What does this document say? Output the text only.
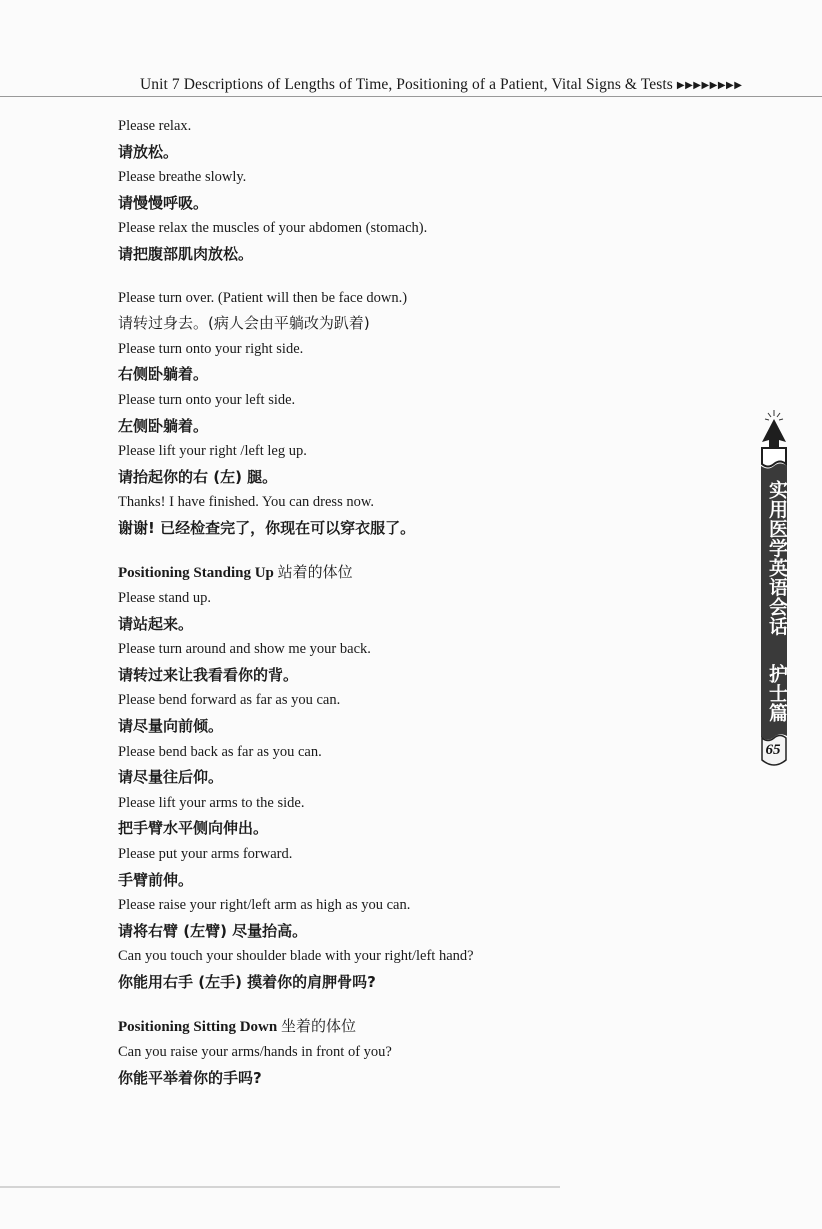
Unit 7 Descriptions of Lengths of Time, Positioning of a Patient, Vital Signs & Tests ▶▶▶▶▶▶▶▶
Please relax.
请放松。
Please breathe slowly.
请慢慢呼吸。
Please relax the muscles of your abdomen (stomach).
请把腹部肌肉放松。
Please turn over. (Patient will then be face down.)
请转过身去。(病人会由平躺改为趴着)
Please turn onto your right side.
右侧卧躺着。
Please turn onto your left side.
左侧卧躺着。
Please lift your right /left leg up.
请抬起你的右 (左) 腿。
Thanks! I have finished. You can dress now.
谢谢! 已经检查完了，你现在可以穿衣服了。
Positioning Standing Up 站着的体位
Please stand up.
请站起来。
Please turn around and show me your back.
请转过来让我看看你的背。
Please bend forward as far as you can.
请尽量向前倾。
Please bend back as far as you can.
请尽量往后仰。
Please lift your arms to the side.
把手臂水平侧向伸出。
Please put your arms forward.
手臂前伸。
Please raise your right/left arm as high as you can.
请将右臂 (左臂) 尽量抬高。
Can you touch your shoulder blade with your right/left hand?
你能用右手 (左手) 摸着你的肩胛骨吗?
Positioning Sitting Down 坐着的体位
Can you raise your arms/hands in front of you?
你能平举着你的手吗?
实用医学英语会话
护士篇
65
